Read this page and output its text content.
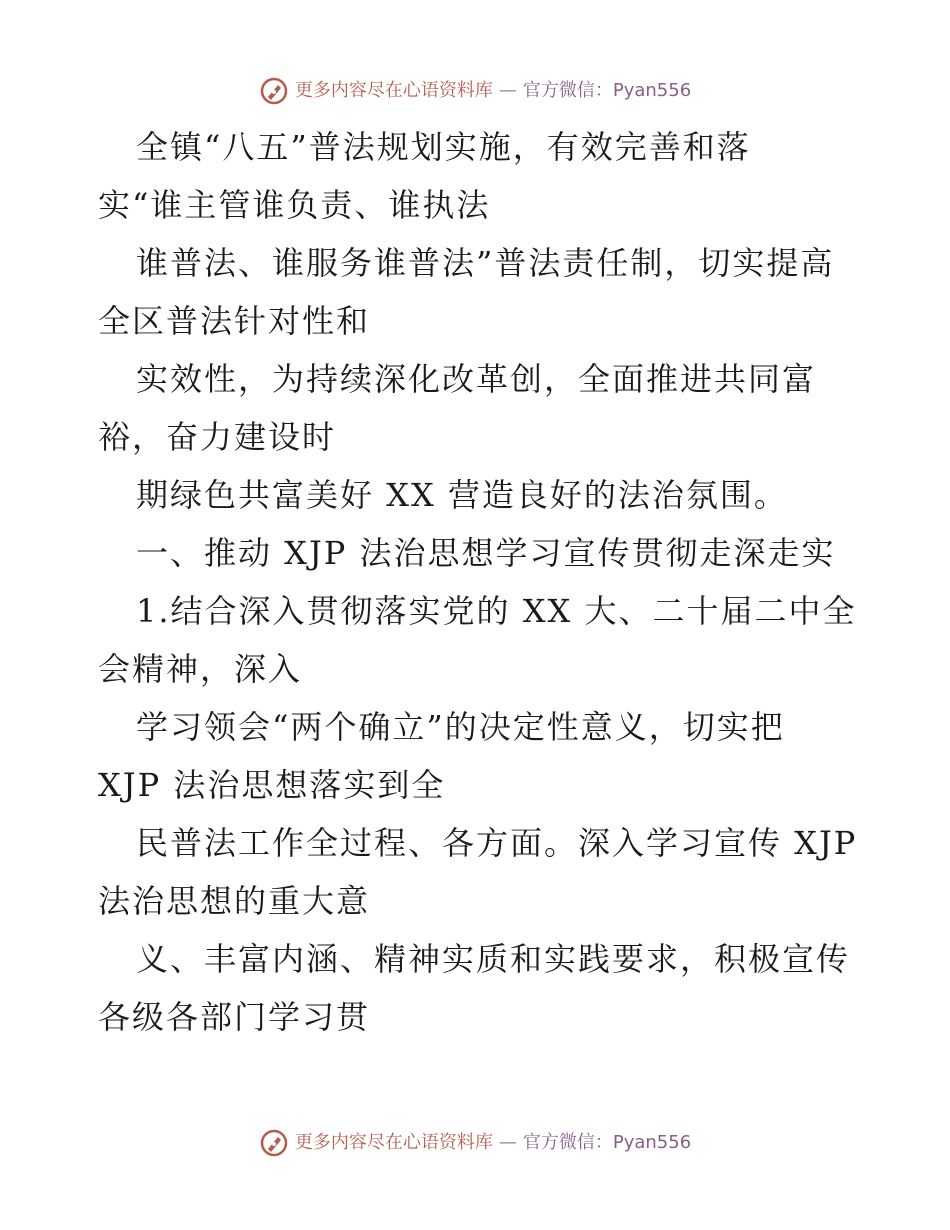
更多内容尽在心语资料库 — 官方微信：Pyan556
全镇“八五”普法规划实施，有效完善和落
实“谁主管谁负责、谁执法
谁普法、谁服务谁普法”普法责任制，切实提高
全区普法针对性和
实效性，为持续深化改革创，全面推进共同富
裕，奋力建设时
期绿色共富美好 XX 营造良好的法治氛围。
一、推动 XJP 法治思想学习宣传贯彻走深走实
1.结合深入贯彻落实党的 XX 大、二十届二中全
会精神，深入
学习领会“两个确立”的决定性意义，切实把
XJP 法治思想落实到全
民普法工作全过程、各方面。深入学习宣传 XJP
法治思想的重大意
义、丰富内涵、精神实质和实践要求，积极宣传
各级各部门学习贯
更多内容尽在心语资料库 — 官方微信：Pyan556
